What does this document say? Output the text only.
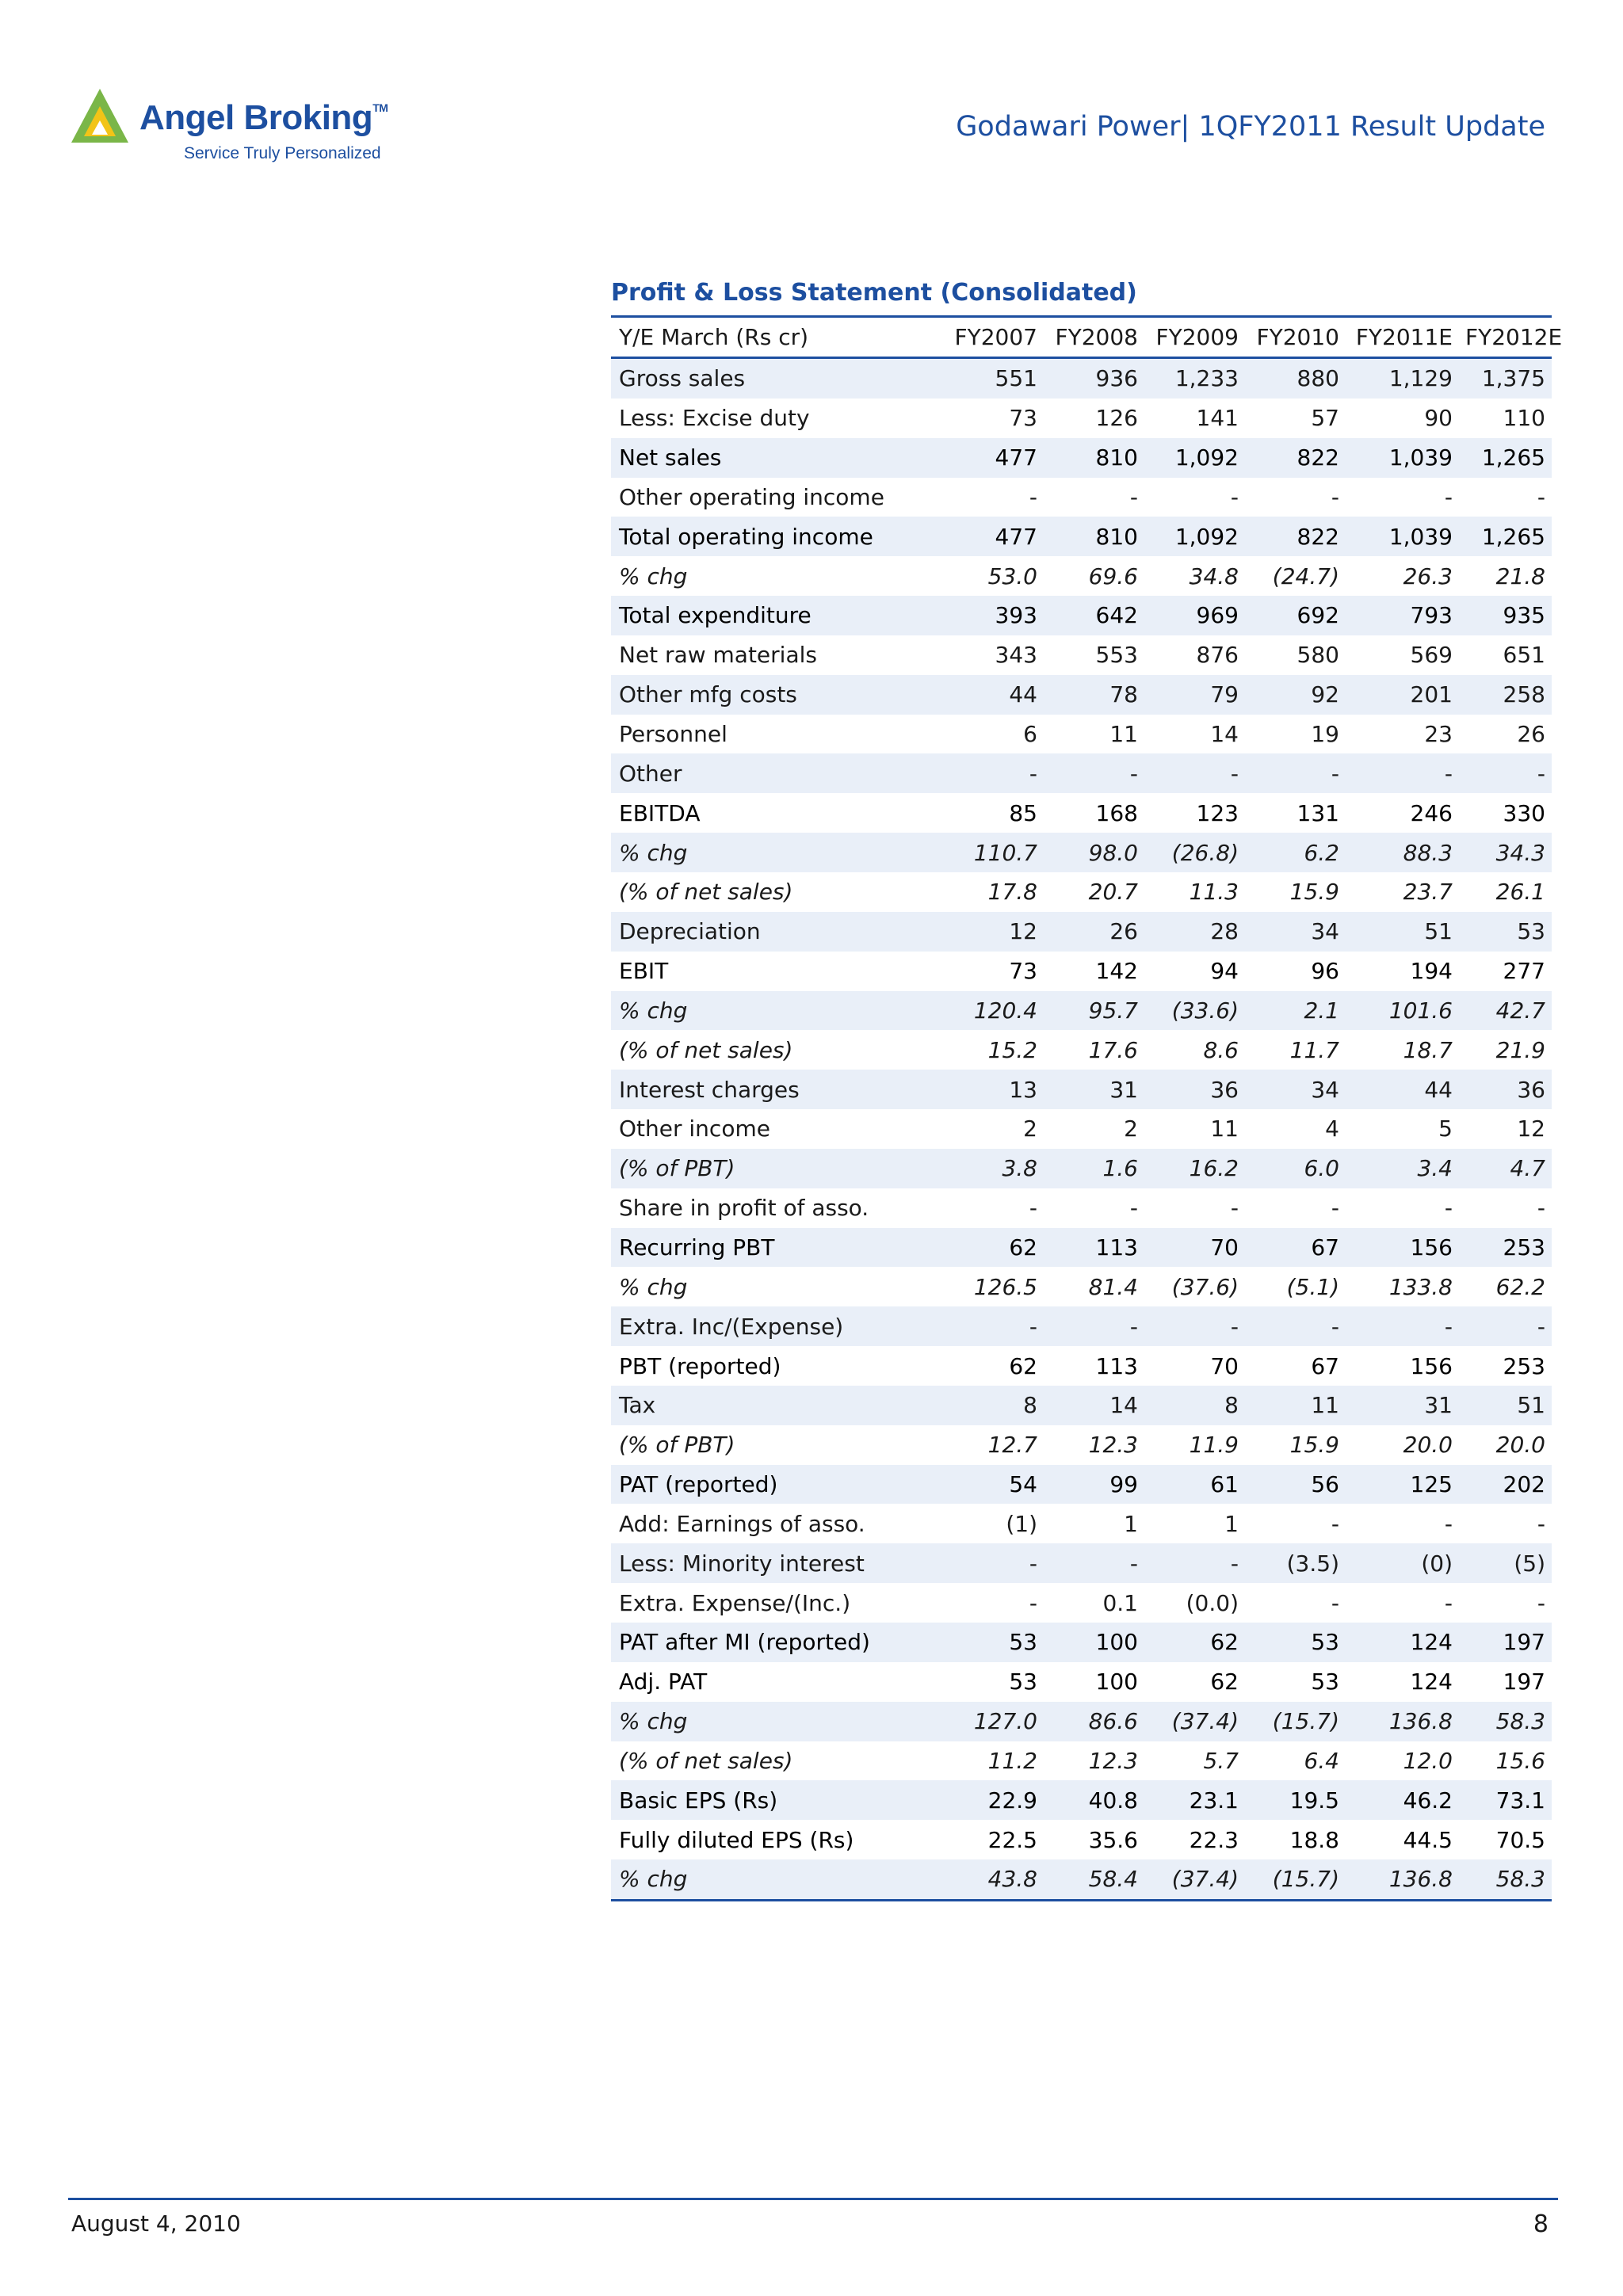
Angel Broking™
Service Truly Personalized
Godawari Power| 1QFY2011 Result Update
Profit & Loss Statement (Consolidated)
Y/E March (Rs cr)	FY2007	FY2008	FY2009	FY2010	FY2011E	FY2012E
Gross sales	551	936	1,233	880	1,129	1,375
Less: Excise duty	73	126	141	57	90	110
Net sales	477	810	1,092	822	1,039	1,265
Other operating income	-	-	-	-	-	-
Total operating income	477	810	1,092	822	1,039	1,265
% chg	53.0	69.6	34.8	(24.7)	26.3	21.8
Total expenditure	393	642	969	692	793	935
Net raw materials	343	553	876	580	569	651
Other mfg costs	44	78	79	92	201	258
Personnel	6	11	14	19	23	26
Other	-	-	-	-	-	-
EBITDA	85	168	123	131	246	330
% chg	110.7	98.0	(26.8)	6.2	88.3	34.3
(% of net sales)	17.8	20.7	11.3	15.9	23.7	26.1
Depreciation	12	26	28	34	51	53
EBIT	73	142	94	96	194	277
% chg	120.4	95.7	(33.6)	2.1	101.6	42.7
(% of net sales)	15.2	17.6	8.6	11.7	18.7	21.9
Interest charges	13	31	36	34	44	36
Other income	2	2	11	4	5	12
(% of PBT)	3.8	1.6	16.2	6.0	3.4	4.7
Share in profit of asso.	-	-	-	-	-	-
Recurring PBT	62	113	70	67	156	253
% chg	126.5	81.4	(37.6)	(5.1)	133.8	62.2
Extra. Inc/(Expense)	-	-	-	-	-	-
PBT (reported)	62	113	70	67	156	253
Tax	8	14	8	11	31	51
(% of PBT)	12.7	12.3	11.9	15.9	20.0	20.0
PAT (reported)	54	99	61	56	125	202
Add: Earnings of asso.	(1)	1	1	-	-	-
Less: Minority interest	-	-	-	(3.5)	(0)	(5)
Extra. Expense/(Inc.)	-	0.1	(0.0)	-	-	-
PAT after MI (reported)	53	100	62	53	124	197
Adj. PAT	53	100	62	53	124	197
% chg	127.0	86.6	(37.4)	(15.7)	136.8	58.3
(% of net sales)	11.2	12.3	5.7	6.4	12.0	15.6
Basic EPS (Rs)	22.9	40.8	23.1	19.5	46.2	73.1
Fully diluted EPS (Rs)	22.5	35.6	22.3	18.8	44.5	70.5
% chg	43.8	58.4	(37.4)	(15.7)	136.8	58.3
August 4, 2010	8
